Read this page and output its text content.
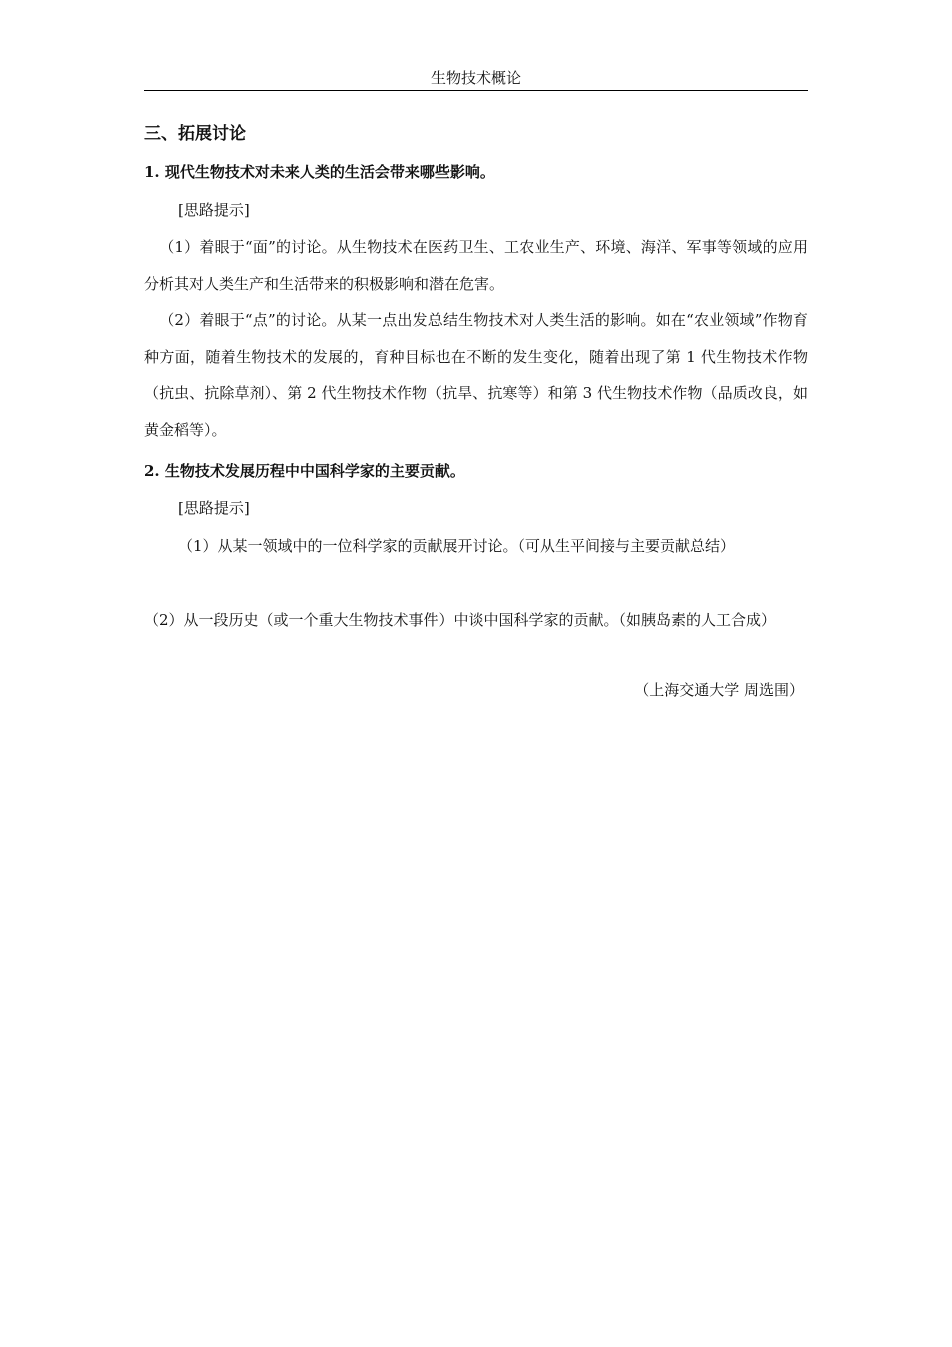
生物技术概论
三、拓展讨论
1. 现代生物技术对未来人类的生活会带来哪些影响。
[思路提示]
（1）着眼于“面”的讨论。从生物技术在医药卫生、工农业生产、环境、海洋、军事等领域的应用分析其对人类生产和生活带来的积极影响和潜在危害。
（2）着眼于“点”的讨论。从某一点出发总结生物技术对人类生活的影响。如在“农业领域”作物育种方面，随着生物技术的发展的，育种目标也在不断的发生变化，随着出现了第 1 代生物技术作物（抗虫、抗除草剂）、第 2 代生物技术作物（抗旱、抗寒等）和第 3 代生物技术作物（品质改良，如黄金稻等）。
2. 生物技术发展历程中中国科学家的主要贡献。
[思路提示]
（1）从某一领域中的一位科学家的贡献展开讨论。（可从生平间接与主要贡献总结）
（2）从一段历史（或一个重大生物技术事件）中谈中国科学家的贡献。（如胰岛素的人工合成）
（上海交通大学 周选围）
